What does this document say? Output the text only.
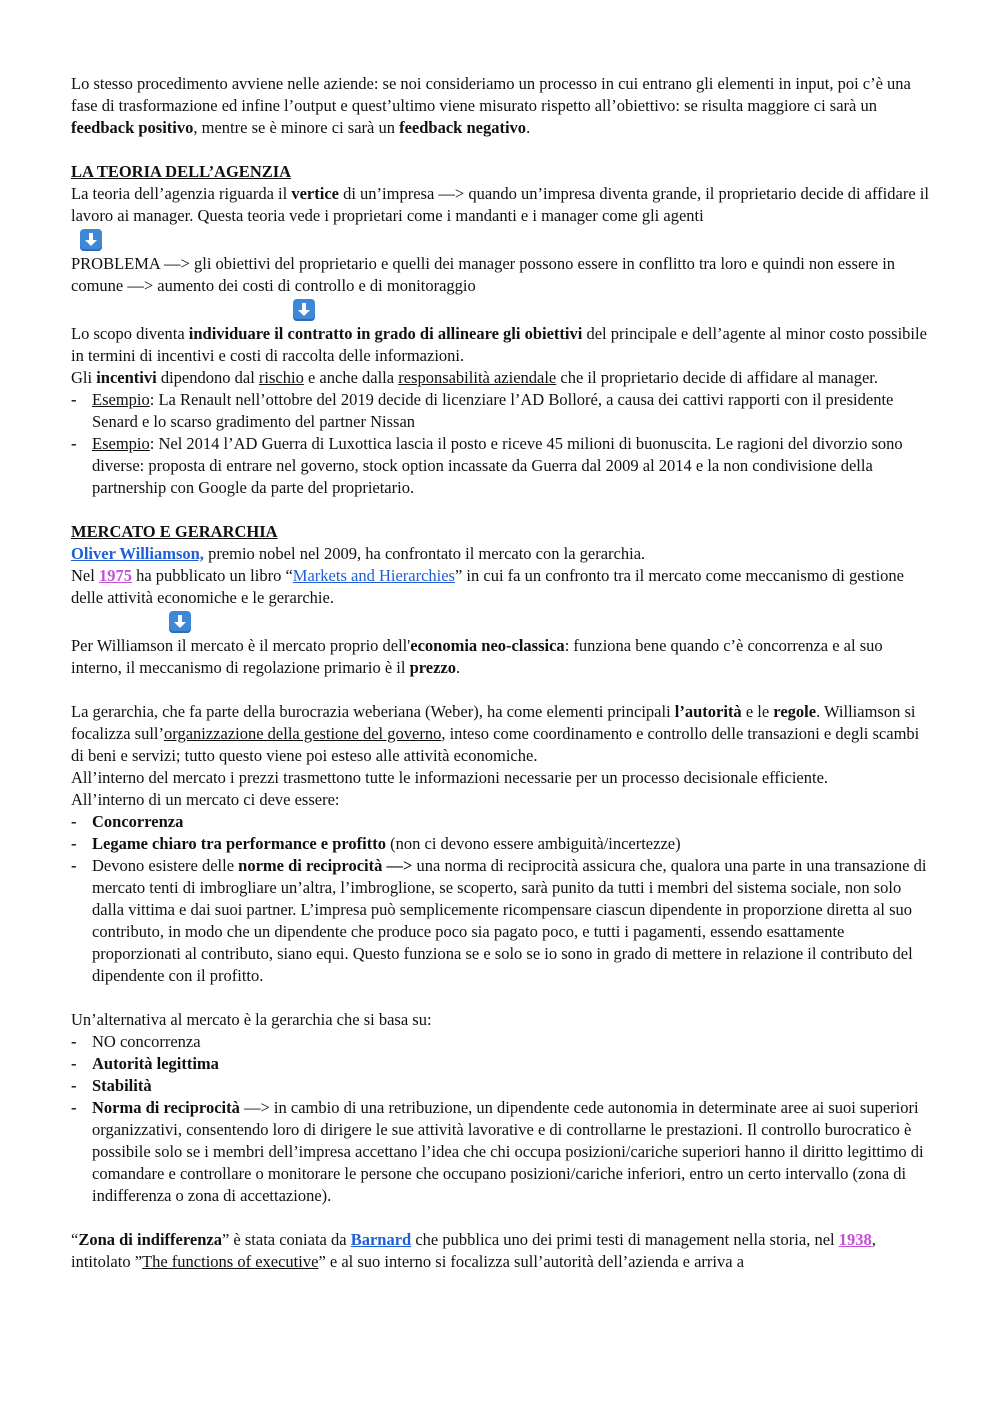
Lo stesso procedimento avviene nelle aziende: se noi consideriamo un processo in cui entrano gli elementi in input, poi c’è una fase di trasformazione ed infine l’output e quest’ultimo viene misurato rispetto all’obiettivo: se risulta maggiore ci sarà un feedback positivo, mentre se è minore ci sarà un feedback negativo.

LA TEORIA DELL’AGENZIA

La teoria dell’agenzia riguarda il vertice di un’impresa —> quando un’impresa diventa grande, il proprietario decide di affidare il lavoro ai manager. Questa teoria vede i proprietari come i mandanti e i manager come gli agenti

PROBLEMA —> gli obiettivi del proprietario e quelli dei manager possono essere in conflitto tra loro e quindi non essere in comune —> aumento dei costi di controllo e di monitoraggio

Lo scopo diventa individuare il contratto in grado di allineare gli obiettivi del principale e dell’agente al minor costo possibile in termini di incentivi e costi di raccolta delle informazioni.

Gli incentivi dipendono dal rischio e anche dalla responsabilità aziendale che il proprietario decide di affidare al manager.

- Esempio: La Renault nell’ottobre del 2019 decide di licenziare l’AD Bolloré, a causa dei cattivi rapporti con il presidente Senard e lo scarso gradimento del partner Nissan
- Esempio: Nel 2014 l’AD Guerra di Luxottica lascia il posto e riceve 45 milioni di buonuscita. Le ragioni del divorzio sono diverse: proposta di entrare nel governo, stock option incassate da Guerra dal 2009 al 2014 e la non condivisione della partnership con Google da parte del proprietario.

MERCATO E GERARCHIA

Oliver Williamson, premio nobel nel 2009, ha confrontato il mercato con la gerarchia.

Nel 1975 ha pubblicato un libro “Markets and Hierarchies” in cui fa un confronto tra il mercato come meccanismo di gestione delle attività economiche e le gerarchie.

Per Williamson il mercato è il mercato proprio dell'economia neo-classica: funziona bene quando c’è concorrenza e al suo interno, il meccanismo di regolazione primario è il prezzo.

La gerarchia, che fa parte della burocrazia weberiana (Weber), ha come elementi principali l’autorità e le regole. Williamson si focalizza sull’organizzazione della gestione del governo, inteso come coordinamento e controllo delle transazioni e degli scambi di beni e servizi; tutto questo viene poi esteso alle attività economiche.

All’interno del mercato i prezzi trasmettono tutte le informazioni necessarie per un processo decisionale efficiente.

All’interno di un mercato ci deve essere:

- Concorrenza
- Legame chiaro tra performance e profitto (non ci devono essere ambiguità/incertezze)
- Devono esistere delle norme di reciprocità —> una norma di reciprocità assicura che, qualora una parte in una transazione di mercato tenti di imbrogliare un’altra, l’imbroglione, se scoperto, sarà punito da tutti i membri del sistema sociale, non solo dalla vittima e dai suoi partner. L’impresa può semplicemente ricompensare ciascun dipendente in proporzione diretta al suo contributo, in modo che un dipendente che produce poco sia pagato poco, e tutti i pagamenti, essendo esattamente proporzionati al contributo, siano equi. Questo funziona se e solo se io sono in grado di mettere in relazione il contributo del dipendente con il profitto.

Un’alternativa al mercato è la gerarchia che si basa su:

- NO concorrenza
- Autorità legittima
- Stabilità
- Norma di reciprocità —> in cambio di una retribuzione, un dipendente cede autonomia in determinate aree ai suoi superiori organizzativi, consentendo loro di dirigere le sue attività lavorative e di controllarne le prestazioni. Il controllo burocratico è possibile solo se i membri dell’impresa accettano l’idea che chi occupa posizioni/cariche superiori hanno il diritto legittimo di comandare e controllare o monitorare le persone che occupano posizioni/cariche inferiori, entro un certo intervallo (zona di indifferenza o zona di accettazione).

“Zona di indifferenza” è stata coniata da Barnard che pubblica uno dei primi testi di management nella storia, nel 1938, intitolato ”The functions of executive” e al suo interno si focalizza sull’autorità dell’azienda e arriva a
